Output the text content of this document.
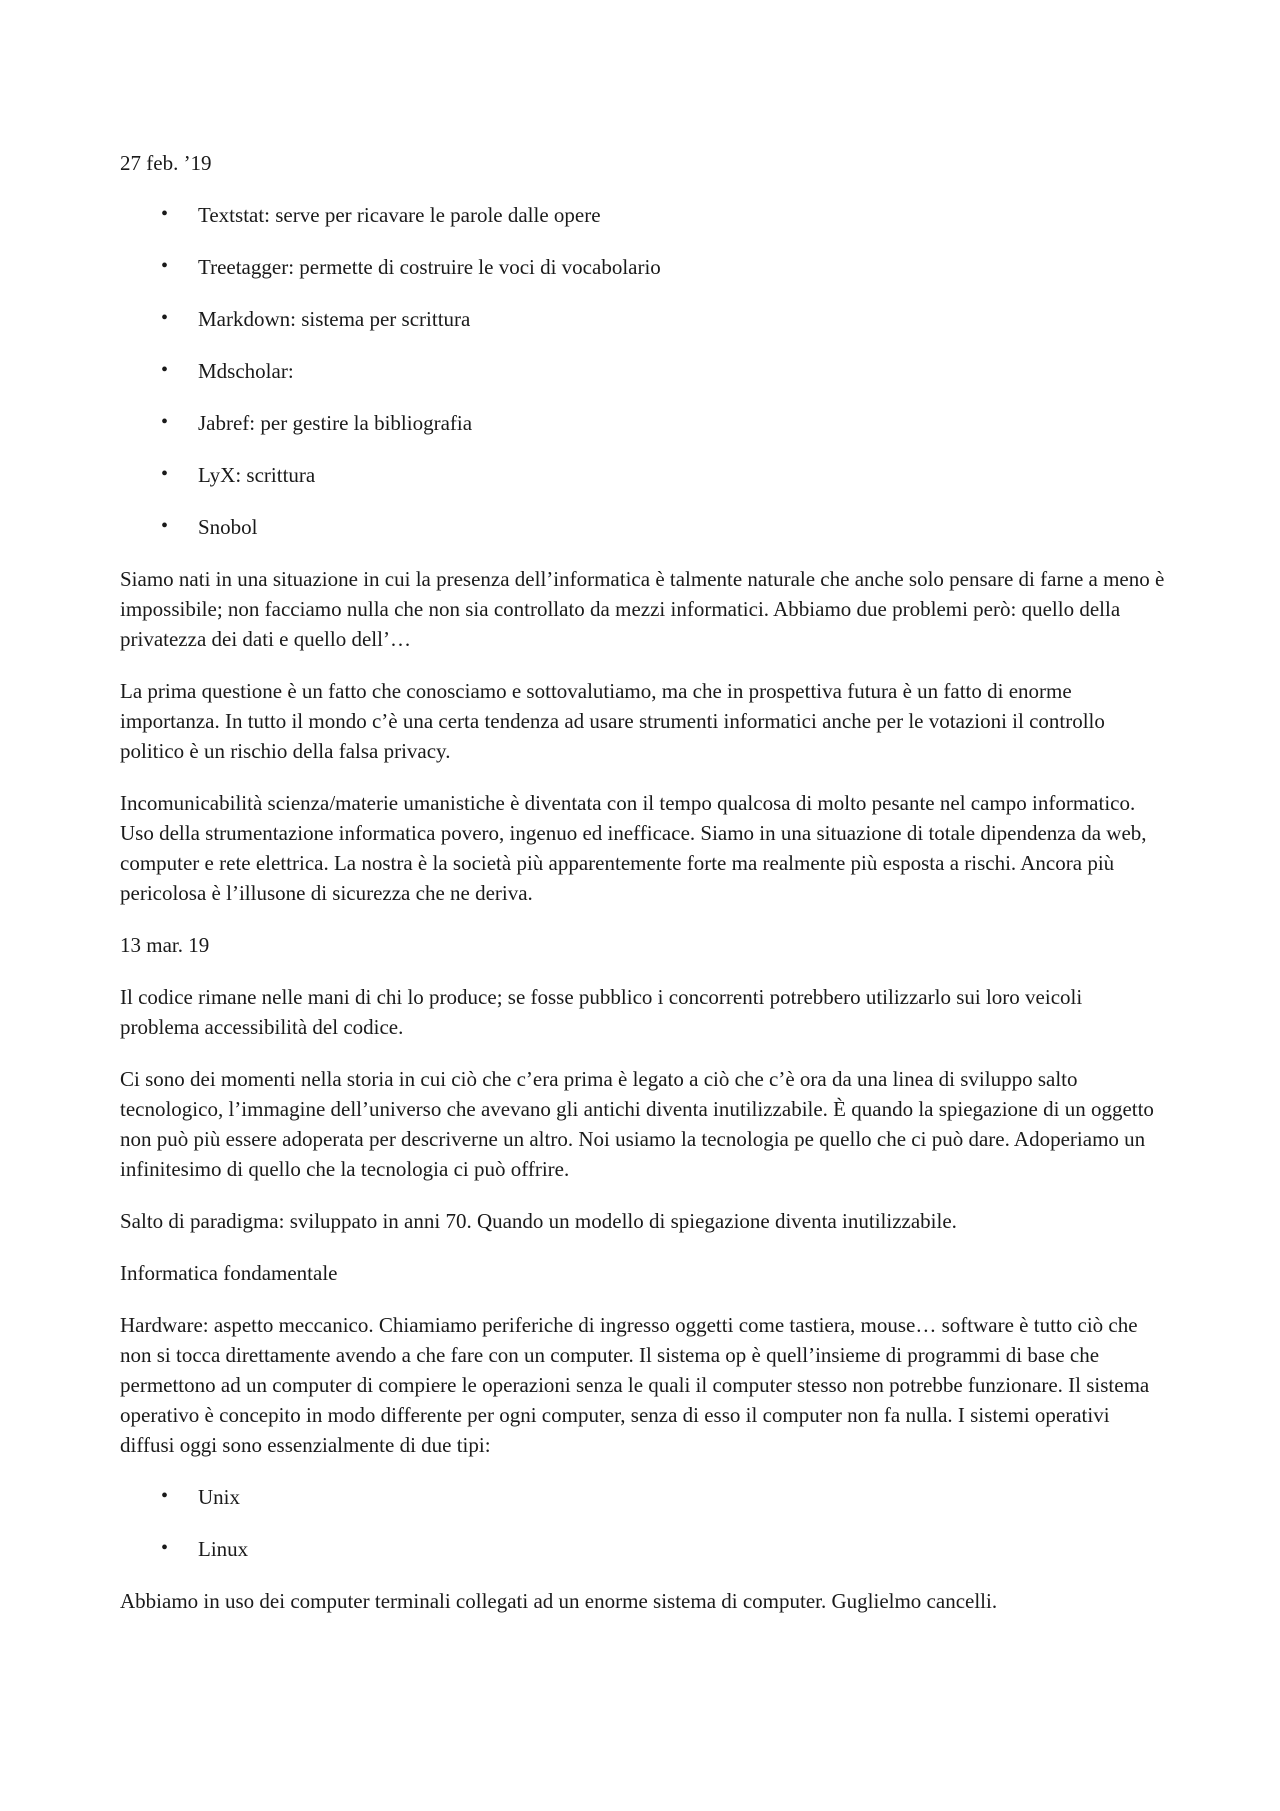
27 feb. ’19

• Textstat: serve per ricavare le parole dalle opere
• Treetagger: permette di costruire le voci di vocabolario
• Markdown: sistema per scrittura
• Mdscholar:
• Jabref: per gestire la bibliografia
• LyX: scrittura
• Snobol

Siamo nati in una situazione in cui la presenza dell’informatica è talmente naturale che anche solo pensare di farne a meno è impossibile; non facciamo nulla che non sia controllato da mezzi informatici. Abbiamo due problemi però: quello della privatezza dei dati e quello dell’…

La prima questione è un fatto che conosciamo e sottovalutiamo, ma che in prospettiva futura è un fatto di enorme importanza. In tutto il mondo c’è una certa tendenza ad usare strumenti informatici anche per le votazioni il controllo politico è un rischio della falsa privacy.

Incomunicabilità scienza/materie umanistiche è diventata con il tempo qualcosa di molto pesante nel campo informatico. Uso della strumentazione informatica povero, ingenuo ed inefficace. Siamo in una situazione di totale dipendenza da web, computer e rete elettrica. La nostra è la società più apparentemente forte ma realmente più esposta a rischi. Ancora più pericolosa è l’illusone di sicurezza che ne deriva.

13 mar. 19

Il codice rimane nelle mani di chi lo produce; se fosse pubblico i concorrenti potrebbero utilizzarlo sui loro veicoli problema accessibilità del codice.

Ci sono dei momenti nella storia in cui ciò che c’era prima è legato a ciò che c’è ora da una linea di sviluppo salto tecnologico, l’immagine dell’universo che avevano gli antichi diventa inutilizzabile. È quando la spiegazione di un oggetto non può più essere adoperata per descriverne un altro. Noi usiamo la tecnologia pe quello che ci può dare. Adoperiamo un infinitesimo di quello che la tecnologia ci può offrire.

Salto di paradigma: sviluppato in anni 70. Quando un modello di spiegazione diventa inutilizzabile.

Informatica fondamentale

Hardware: aspetto meccanico. Chiamiamo periferiche di ingresso oggetti come tastiera, mouse… software è tutto ciò che non si tocca direttamente avendo a che fare con un computer. Il sistema op è quell’insieme di programmi di base che permettono ad un computer di compiere le operazioni senza le quali il computer stesso non potrebbe funzionare. Il sistema operativo è concepito in modo differente per ogni computer, senza di esso il computer non fa nulla. I sistemi operativi diffusi oggi sono essenzialmente di due tipi:

• Unix
• Linux

Abbiamo in uso dei computer terminali collegati ad un enorme sistema di computer. Guglielmo cancelli.
